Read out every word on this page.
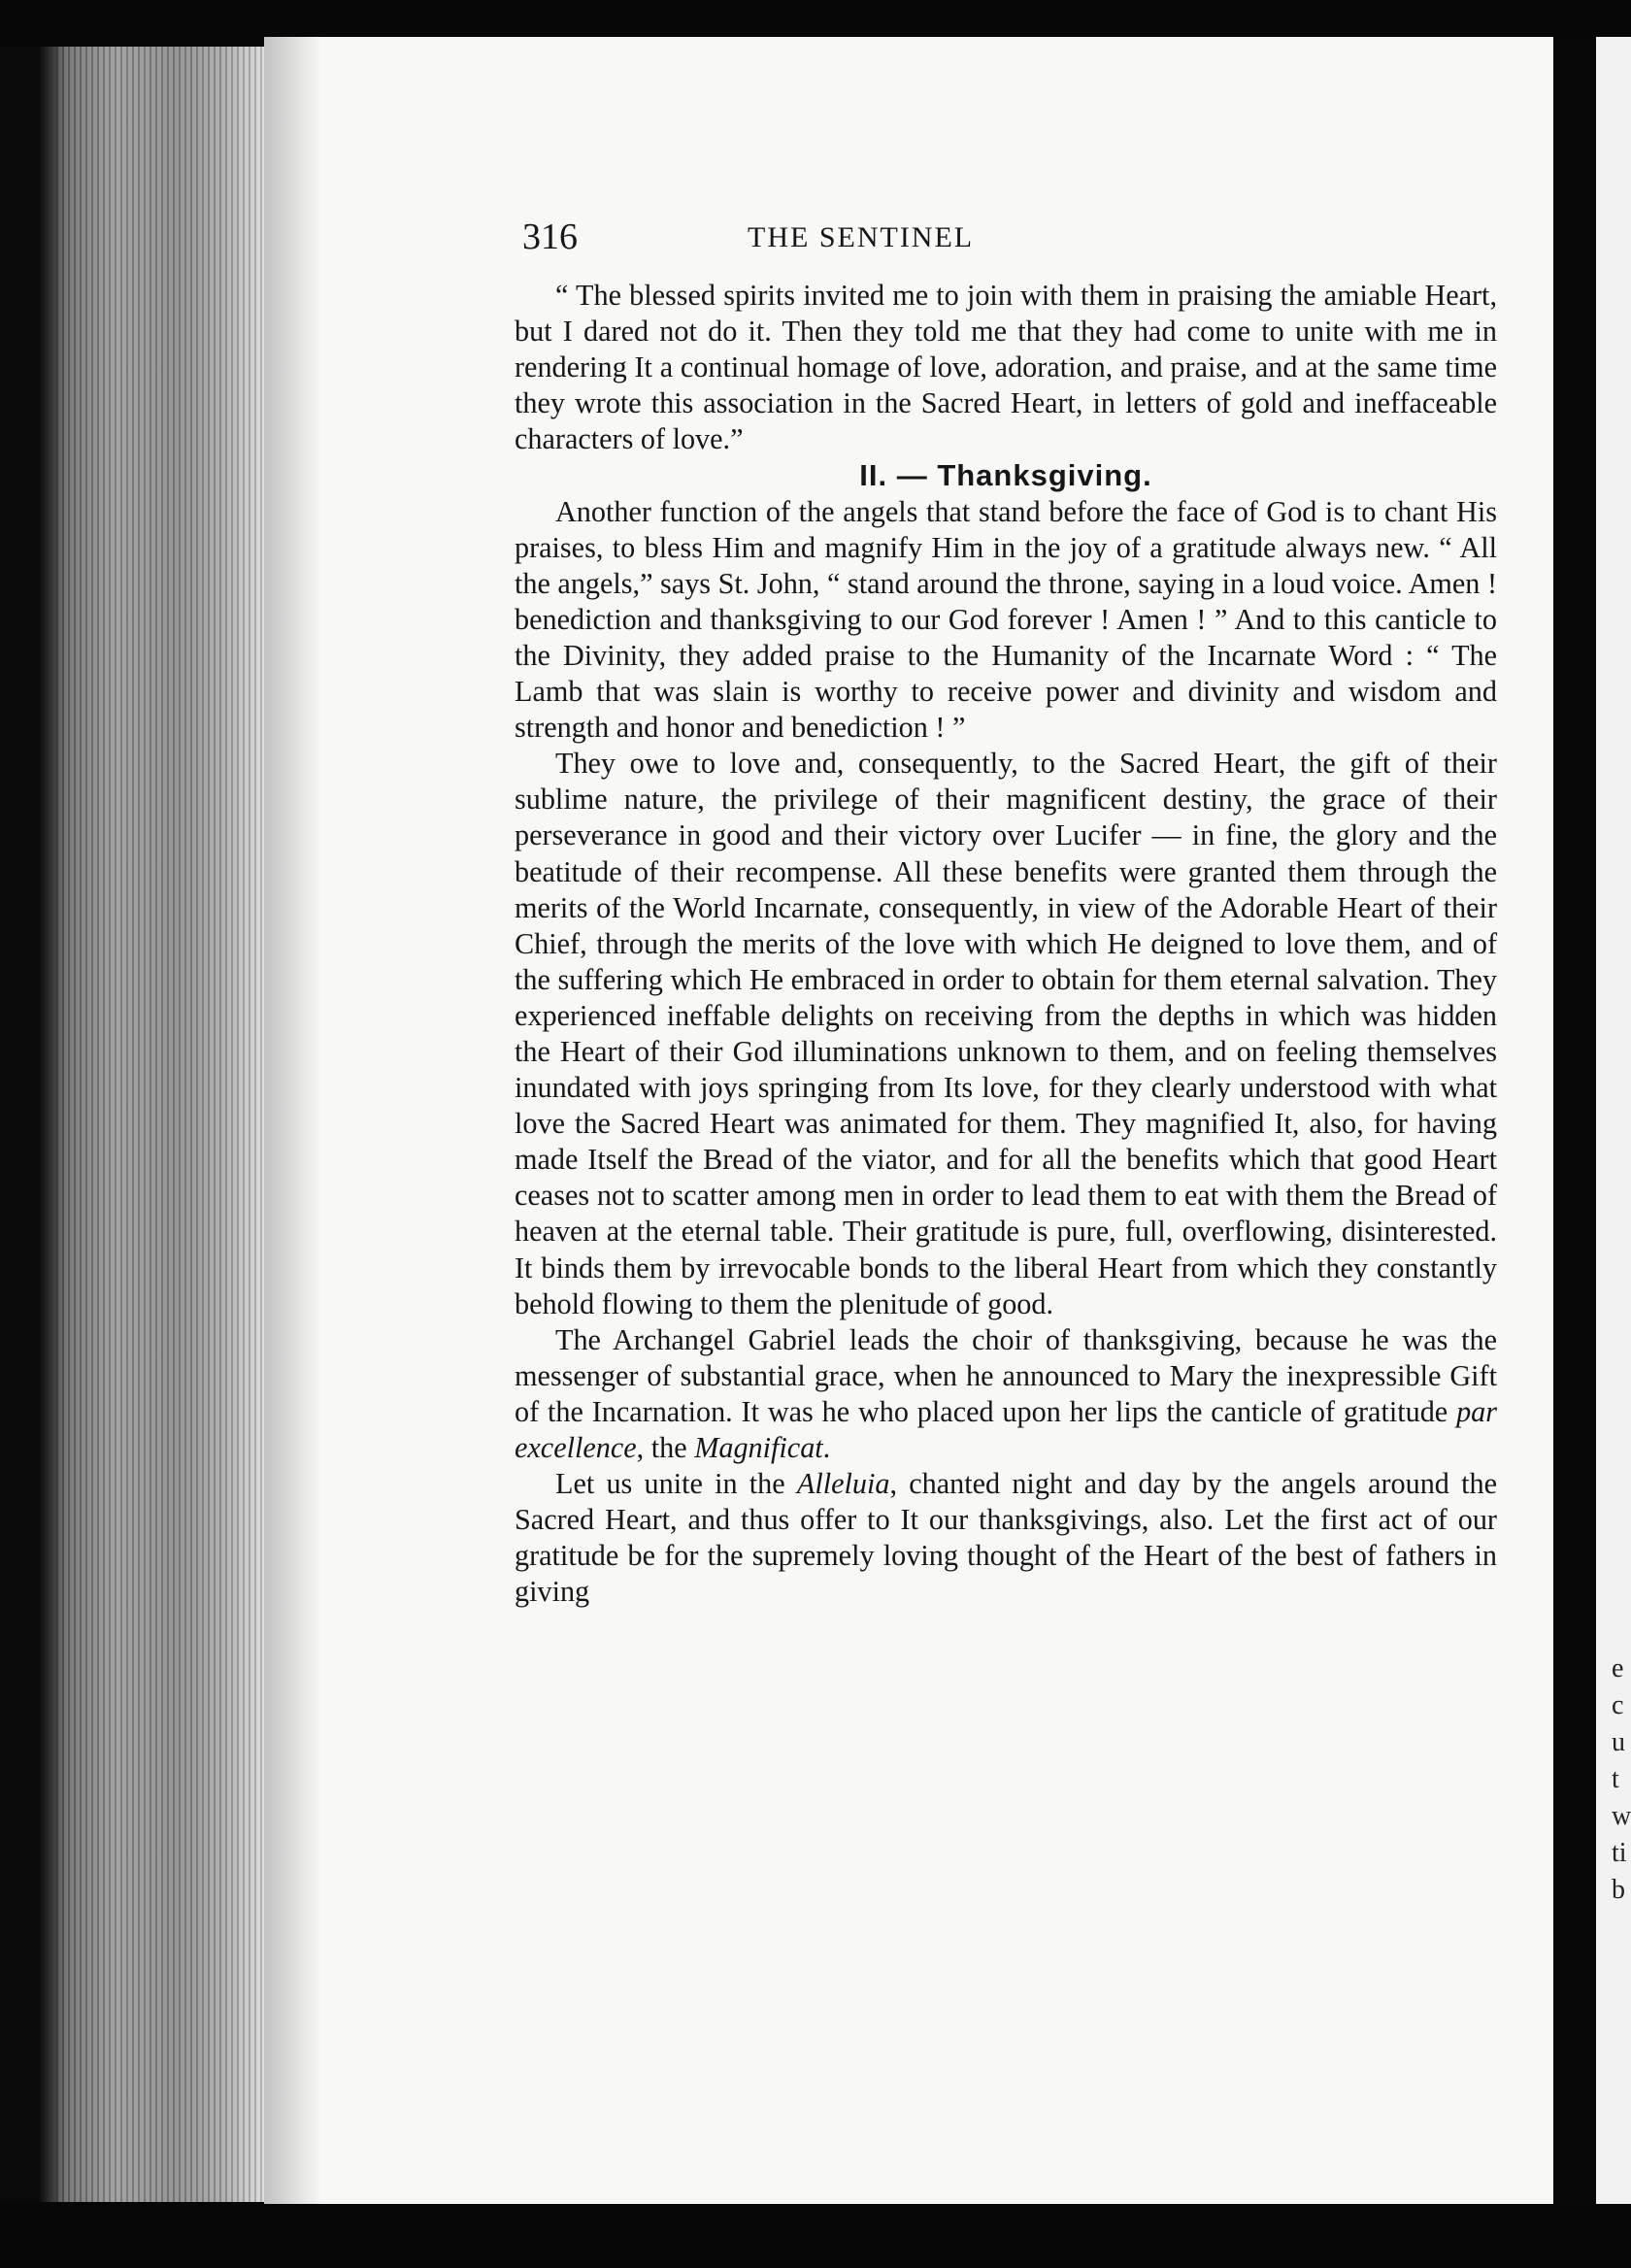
e
c
u
t
w
ti
b
316	THE SENTINEL

“ The blessed spirits invited me to join with them in praising the amiable Heart, but I dared not do it. Then they told me that they had come to unite with me in rendering It a continual homage of love, adoration, and praise, and at the same time they wrote this association in the Sacred Heart, in letters of gold and ineffaceable characters of love.”

II. — Thanksgiving.

Another function of the angels that stand before the face of God is to chant His praises, to bless Him and magnify Him in the joy of a gratitude always new. “ All the angels,” says St. John, “ stand around the throne, saying in a loud voice. Amen ! benediction and thanksgiving to our God forever ! Amen ! ” And to this canticle to the Divinity, they added praise to the Humanity of the Incarnate Word : “ The Lamb that was slain is worthy to receive power and divinity and wisdom and strength and honor and benediction ! ”

They owe to love and, consequently, to the Sacred Heart, the gift of their sublime nature, the privilege of their magnificent destiny, the grace of their perseverance in good and their victory over Lucifer — in fine, the glory and the beatitude of their recompense. All these benefits were granted them through the merits of the World Incarnate, consequently, in view of the Adorable Heart of their Chief, through the merits of the love with which He deigned to love them, and of the suffering which He embraced in order to obtain for them eternal salvation. They experienced ineffable delights on receiving from the depths in which was hidden the Heart of their God illuminations unknown to them, and on feeling themselves inundated with joys springing from Its love, for they clearly understood with what love the Sacred Heart was animated for them. They magnified It, also, for having made Itself the Bread of the viator, and for all the benefits which that good Heart ceases not to scatter among men in order to lead them to eat with them the Bread of heaven at the eternal table. Their gratitude is pure, full, overflowing, disinterested. It binds them by irrevocable bonds to the liberal Heart from which they constantly behold flowing to them the plenitude of good.

The Archangel Gabriel leads the choir of thanksgiving, because he was the messenger of substantial grace, when he announced to Mary the inexpressible Gift of the Incarnation. It was he who placed upon her lips the canticle of gratitude par excellence, the Magnificat.

Let us unite in the Alleluia, chanted night and day by the angels around the Sacred Heart, and thus offer to It our thanksgivings, also. Let the first act of our gratitude be for the supremely loving thought of the Heart of the best of fathers in giving
